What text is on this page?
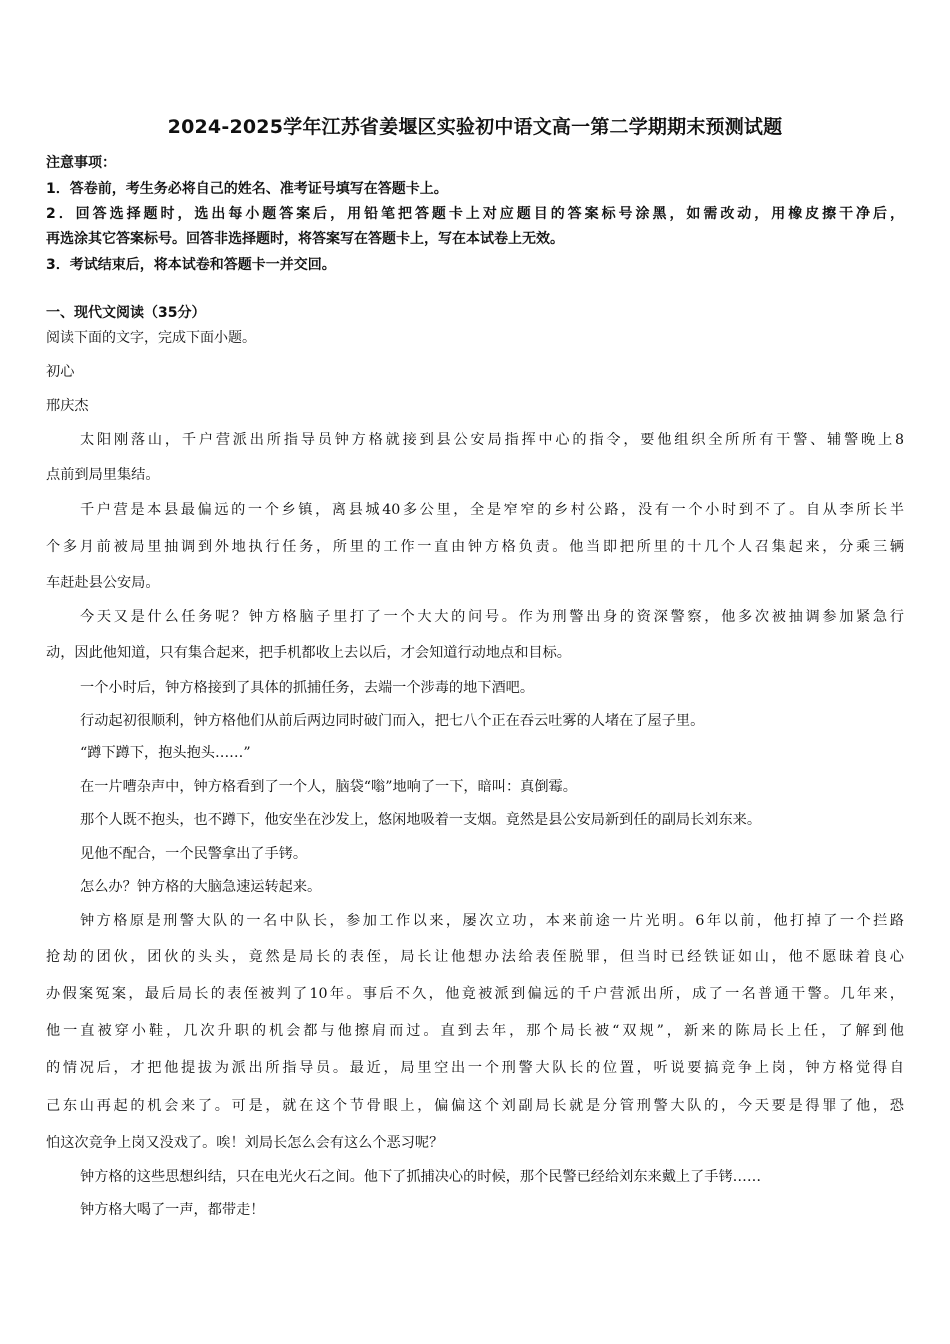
2024-2025学年江苏省姜堰区实验初中语文高一第二学期期末预测试题
注意事项：
1．答卷前，考生务必将自己的姓名、准考证号填写在答题卡上。
2．回答选择题时，选出每小题答案后，用铅笔把答题卡上对应题目的答案标号涂黑，如需改动，用橡皮擦干净后，
再选涂其它答案标号。回答非选择题时，将答案写在答题卡上，写在本试卷上无效。
3．考试结束后，将本试卷和答题卡一并交回。
一、现代文阅读（35分）
阅读下面的文字，完成下面小题。
初心
邢庆杰
太阳刚落山，千户营派出所指导员钟方格就接到县公安局指挥中心的指令，要他组织全所所有干警、辅警晚上8
点前到局里集结。
千户营是本县最偏远的一个乡镇，离县城40多公里，全是窄窄的乡村公路，没有一个小时到不了。自从李所长半
个多月前被局里抽调到外地执行任务，所里的工作一直由钟方格负责。他当即把所里的十几个人召集起来，分乘三辆
车赶赴县公安局。
今天又是什么任务呢？钟方格脑子里打了一个大大的问号。作为刑警出身的资深警察，他多次被抽调参加紧急行
动，因此他知道，只有集合起来，把手机都收上去以后，才会知道行动地点和目标。
一个小时后，钟方格接到了具体的抓捕任务，去端一个涉毒的地下酒吧。
行动起初很顺利，钟方格他们从前后两边同时破门而入，把七八个正在吞云吐雾的人堵在了屋子里。
“蹲下蹲下，抱头抱头……”
在一片嘈杂声中，钟方格看到了一个人，脑袋“嗡”地响了一下，暗叫：真倒霉。
那个人既不抱头，也不蹲下，他安坐在沙发上，悠闲地吸着一支烟。竟然是县公安局新到任的副局长刘东来。
见他不配合，一个民警拿出了手铐。
怎么办？钟方格的大脑急速运转起来。
钟方格原是刑警大队的一名中队长，参加工作以来，屡次立功，本来前途一片光明。6年以前，他打掉了一个拦路
抢劫的团伙，团伙的头头，竟然是局长的表侄，局长让他想办法给表侄脱罪，但当时已经铁证如山，他不愿昧着良心
办假案冤案，最后局长的表侄被判了10年。事后不久，他竟被派到偏远的千户营派出所，成了一名普通干警。几年来，
他一直被穿小鞋，几次升职的机会都与他擦肩而过。直到去年，那个局长被“双规”，新来的陈局长上任，了解到他
的情况后，才把他提拔为派出所指导员。最近，局里空出一个刑警大队长的位置，听说要搞竞争上岗，钟方格觉得自
己东山再起的机会来了。可是，就在这个节骨眼上，偏偏这个刘副局长就是分管刑警大队的，今天要是得罪了他，恐
怕这次竞争上岗又没戏了。唉！刘局长怎么会有这么个恶习呢？
钟方格的这些思想纠结，只在电光火石之间。他下了抓捕决心的时候，那个民警已经给刘东来戴上了手铐……
钟方格大喝了一声，都带走！
